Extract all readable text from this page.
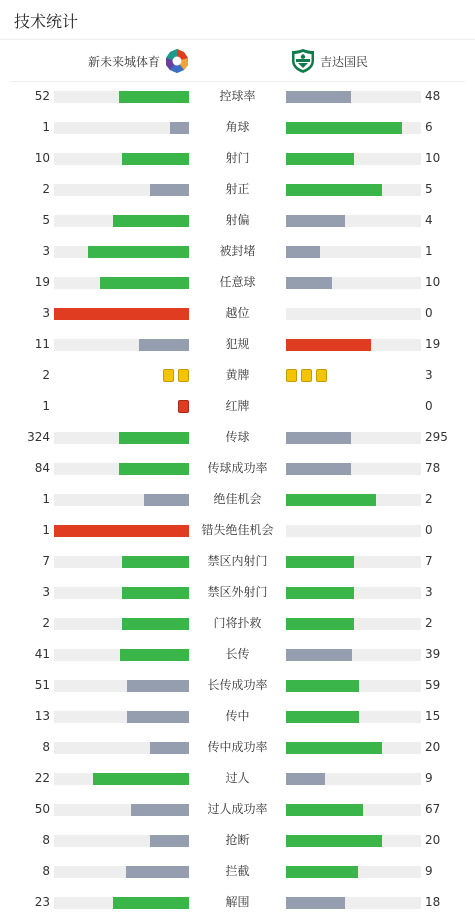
技术统计
新未来城体育	吉达国民
52	控球率	48
1	角球	6
10	射门	10
2	射正	5
5	射偏	4
3	被封堵	1
19	任意球	10
3	越位	0
11	犯规	19
2	黄牌	3
1	红牌	0
324	传球	295
84	传球成功率	78
1	绝佳机会	2
1	错失绝佳机会	0
7	禁区内射门	7
3	禁区外射门	3
2	门将扑救	2
41	长传	39
51	长传成功率	59
13	传中	15
8	传中成功率	20
22	过人	9
50	过人成功率	67
8	抢断	20
8	拦截	9
23	解围	18
